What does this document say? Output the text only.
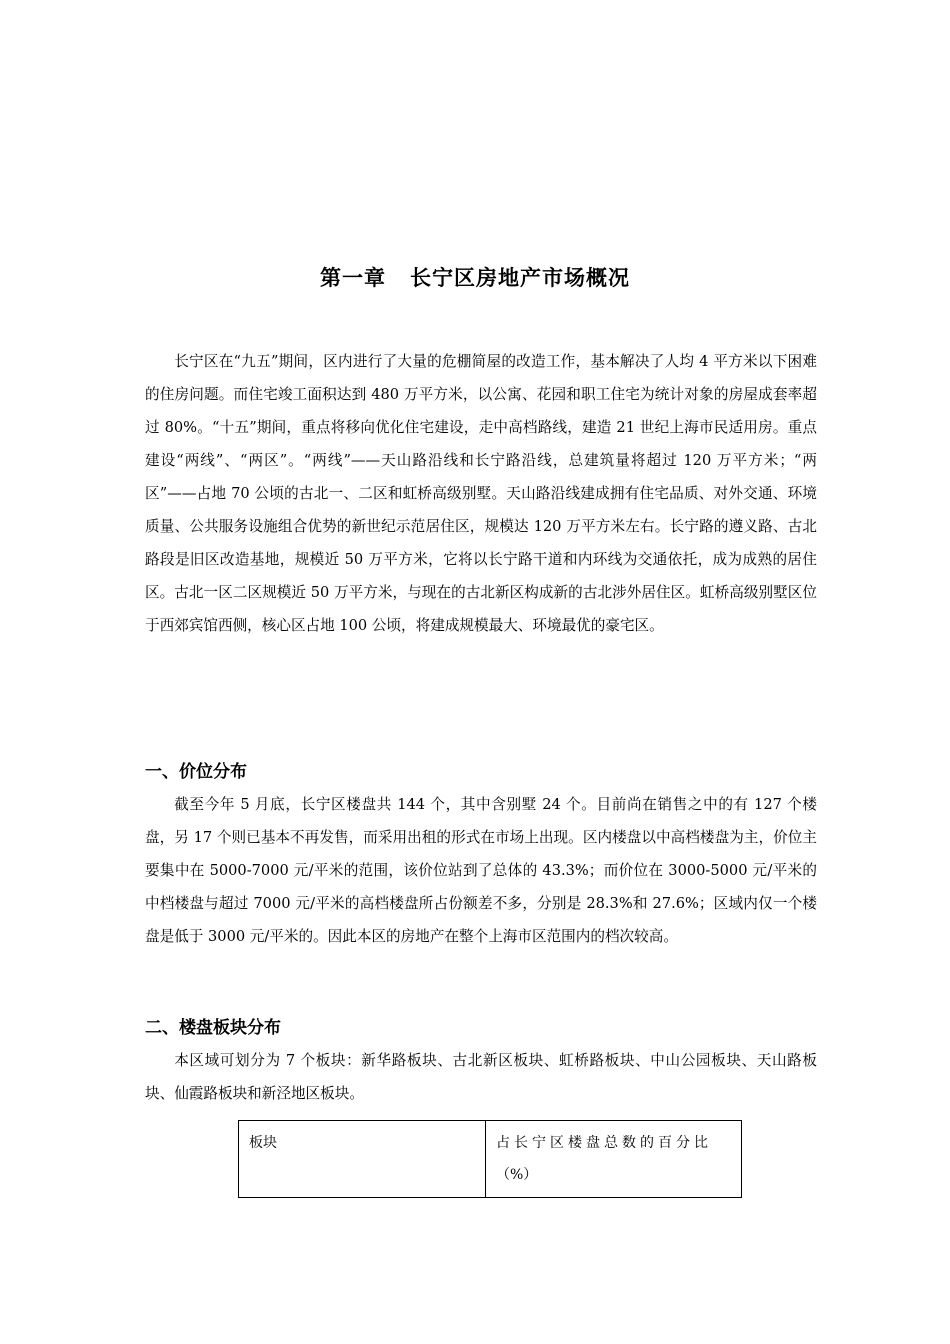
第一章 长宁区房地产市场概况

长宁区在“九五”期间，区内进行了大量的危棚简屋的改造工作，基本解决了人均 4 平方米以下困难的住房问题。而住宅竣工面积达到 480 万平方米，以公寓、花园和职工住宅为统计对象的房屋成套率超过 80%。“十五”期间，重点将移向优化住宅建设，走中高档路线，建造 21 世纪上海市民适用房。重点建设“两线”、“两区”。“两线”——天山路沿线和长宁路沿线，总建筑量将超过 120 万平方米；“两区”——占地 70 公顷的古北一、二区和虹桥高级别墅。天山路沿线建成拥有住宅品质、对外交通、环境质量、公共服务设施组合优势的新世纪示范居住区，规模达 120 万平方米左右。长宁路的遵义路、古北路段是旧区改造基地，规模近 50 万平方米，它将以长宁路干道和内环线为交通依托，成为成熟的居住区。古北一区二区规模近 50 万平方米，与现在的古北新区构成新的古北涉外居住区。虹桥高级别墅区位于西郊宾馆西侧，核心区占地 100 公顷，将建成规模最大、环境最优的豪宅区。

一、价位分布

截至今年 5 月底，长宁区楼盘共 144 个，其中含别墅 24 个。目前尚在销售之中的有 127 个楼盘，另 17 个则已基本不再发售，而采用出租的形式在市场上出现。区内楼盘以中高档楼盘为主，价位主要集中在 5000-7000 元/平米的范围，该价位站到了总体的 43.3%；而价位在 3000-5000 元/平米的中档楼盘与超过 7000 元/平米的高档楼盘所占份额差不多，分别是 28.3%和 27.6%；区域内仅一个楼盘是低于 3000 元/平米的。因此本区的房地产在整个上海市区范围内的档次较高。

二、楼盘板块分布

本区域可划分为 7 个板块：新华路板块、古北新区板块、虹桥路板块、中山公园板块、天山路板块、仙霞路板块和新泾地区板块。

板块	占长宁区楼盘总数的百分比
（%）
